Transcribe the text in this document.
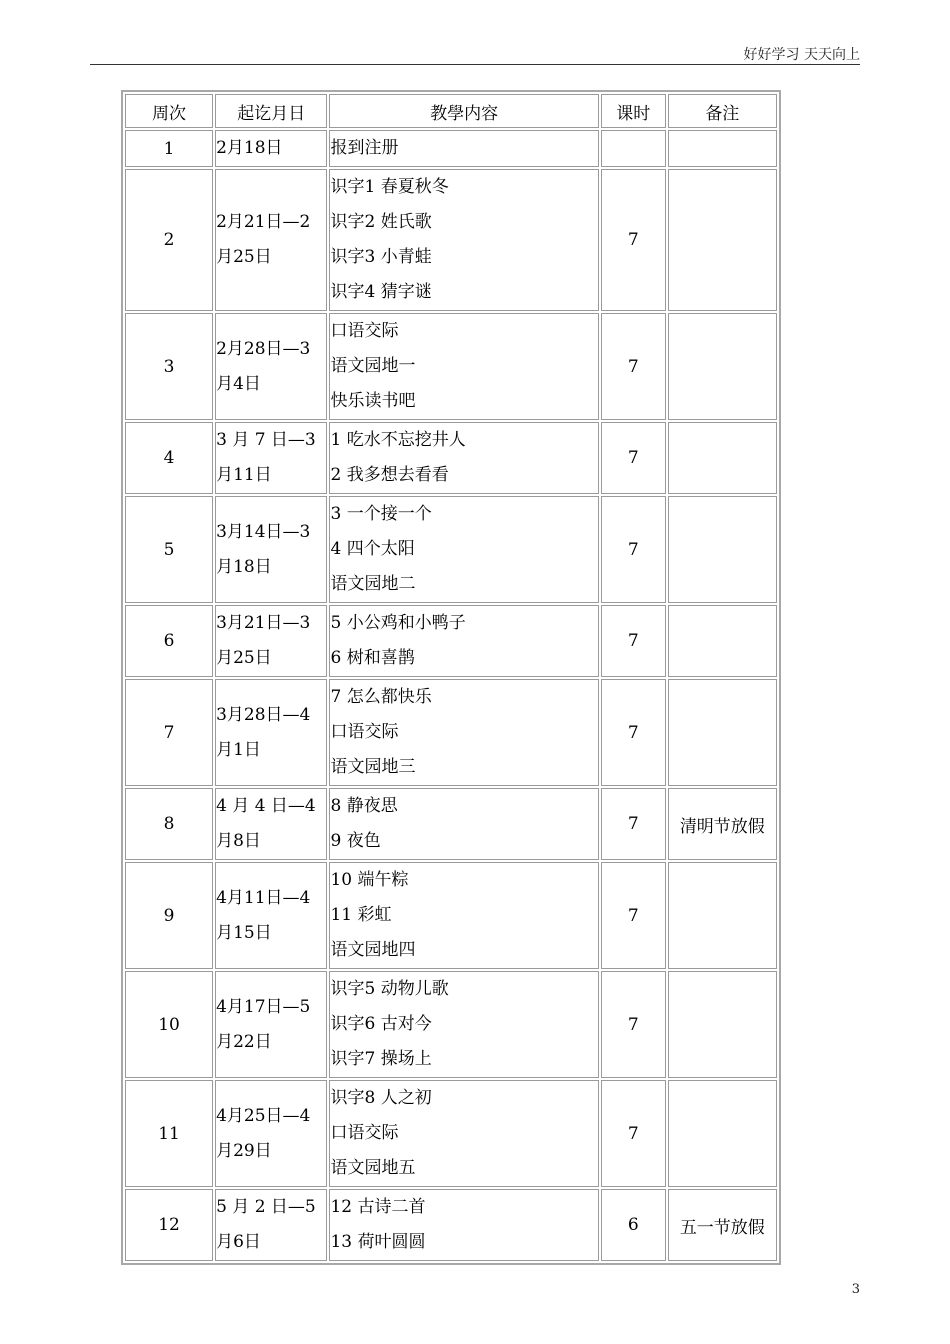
好好学习 天天向上
周次	起讫月日	教學内容	课时	备注
1	2月18日	报到注册		

2	2月21日—2
月25日	识字1 春夏秋冬
识字2 姓氏歌
识字3 小青蛙
识字4 猜字谜	7	
3	2月28日—3
月4日	口语交际
语文园地一
快乐读书吧	7	
4	3 月 7 日—3
月11日	1 吃水不忘挖井人
2 我多想去看看	7	
5	3月14日—3
月18日	3 一个接一个
4 四个太阳
语文园地二	7	
6	3月21日—3
月25日	5 小公鸡和小鸭子
6 树和喜鹊	7	
7	3月28日—4
月1日	7 怎么都快乐
口语交际
语文园地三	7	
8	4 月 4 日—4
月8日	8 静夜思
9 夜色	7	清明节放假
9	4月11日—4
月15日	10 端午粽
11 彩虹
语文园地四	7	
10	4月17日—5
月22日	识字5 动物儿歌
识字6 古对今
识字7 操场上	7	
11	4月25日—4
月29日	识字8 人之初
口语交际
语文园地五	7	
12	5 月 2 日—5
月6日	12 古诗二首
13 荷叶圆圆	6	五一节放假
3
